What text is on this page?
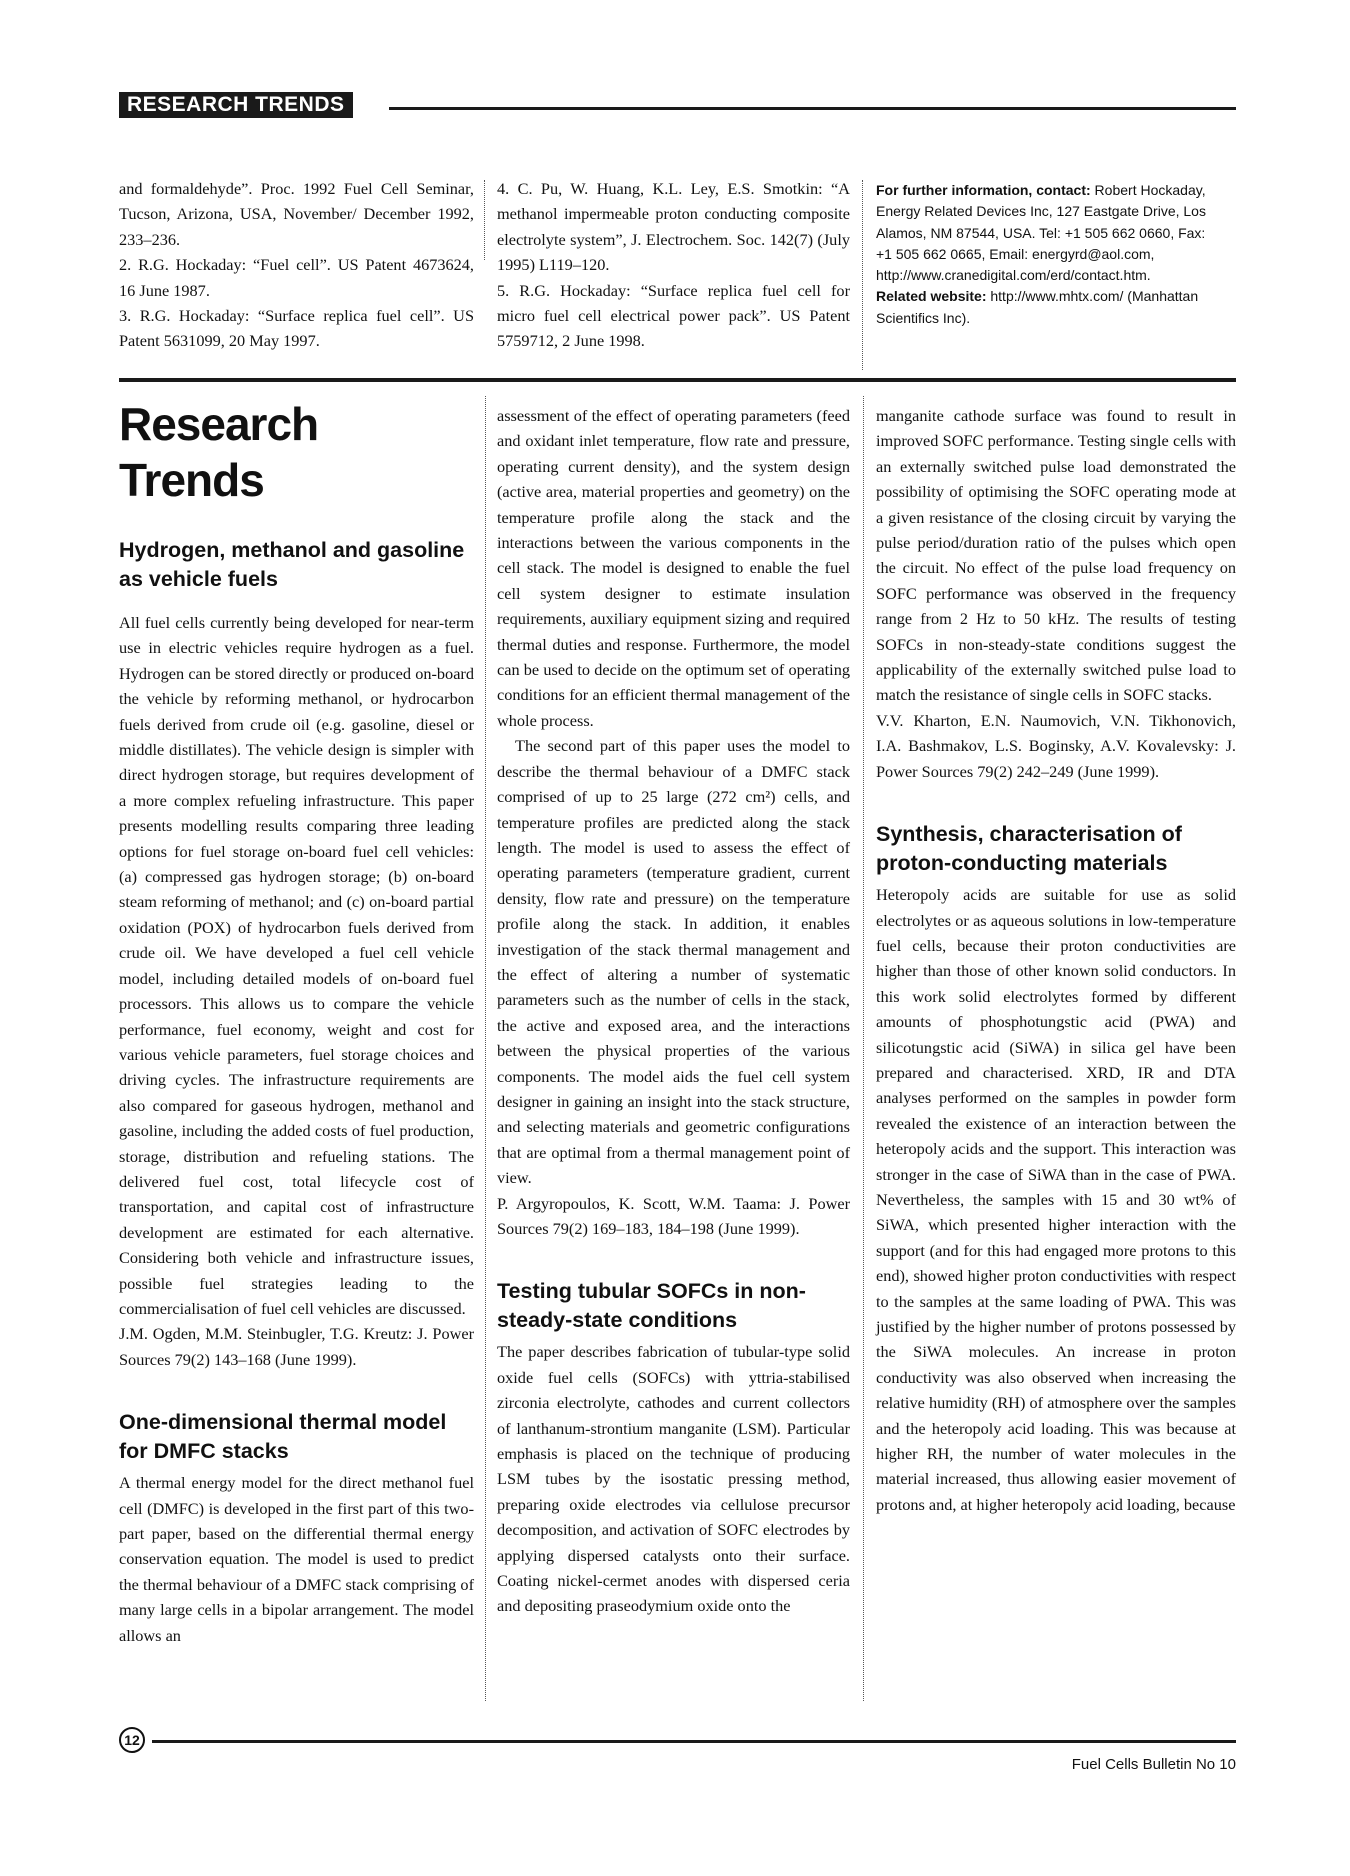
RESEARCH TRENDS

and formaldehyde”. Proc. 1992 Fuel Cell Seminar, Tucson, Arizona, USA, November/ December 1992, 233–236.

2. R.G. Hockaday: “Fuel cell”. US Patent 4673624, 16 June 1987.

3. R.G. Hockaday: “Surface replica fuel cell”. US Patent 5631099, 20 May 1997.

4. C. Pu, W. Huang, K.L. Ley, E.S. Smotkin: “A methanol impermeable proton conducting composite electrolyte system”, J. Electrochem. Soc. 142(7) (July 1995) L119–120.

5. R.G. Hockaday: “Surface replica fuel cell for micro fuel cell electrical power pack”. US Patent 5759712, 2 June 1998.

For further information, contact: Robert Hockaday, Energy Related Devices Inc, 127 Eastgate Drive, Los Alamos, NM 87544, USA. Tel: +1 505 662 0660, Fax: +1 505 662 0665, Email: energyrd@aol.com, http://www.cranedigital.com/erd/contact.htm.

Related website: http://www.mhtx.com/ (Manhattan Scientifics Inc).

Research Trends
Hydrogen, methanol and gasoline as vehicle fuels

All fuel cells currently being developed for near-term use in electric vehicles require hydrogen as a fuel. Hydrogen can be stored directly or produced on-board the vehicle by reforming methanol, or hydrocarbon fuels derived from crude oil (e.g. gasoline, diesel or middle distillates). The vehicle design is simpler with direct hydrogen storage, but requires development of a more complex refueling infrastructure. This paper presents modelling results comparing three leading options for fuel storage on-board fuel cell vehicles: (a) compressed gas hydrogen storage; (b) on-board steam reforming of methanol; and (c) on-board partial oxidation (POX) of hydrocarbon fuels derived from crude oil. We have developed a fuel cell vehicle model, including detailed models of on-board fuel processors. This allows us to compare the vehicle performance, fuel economy, weight and cost for various vehicle parameters, fuel storage choices and driving cycles. The infrastructure requirements are also compared for gaseous hydrogen, methanol and gasoline, including the added costs of fuel production, storage, distribution and refueling stations. The delivered fuel cost, total lifecycle cost of transportation, and capital cost of infrastructure development are estimated for each alternative. Considering both vehicle and infrastructure issues, possible fuel strategies leading to the commercialisation of fuel cell vehicles are discussed.

J.M. Ogden, M.M. Steinbugler, T.G. Kreutz: J. Power Sources 79(2) 143–168 (June 1999).

One-dimensional thermal model for DMFC stacks

A thermal energy model for the direct methanol fuel cell (DMFC) is developed in the first part of this two-part paper, based on the differential thermal energy conservation equation. The model is used to predict the thermal behaviour of a DMFC stack comprising of many large cells in a bipolar arrangement. The model allows an

assessment of the effect of operating parameters (feed and oxidant inlet temperature, flow rate and pressure, operating current density), and the system design (active area, material properties and geometry) on the temperature profile along the stack and the interactions between the various components in the cell stack. The model is designed to enable the fuel cell system designer to estimate insulation requirements, auxiliary equipment sizing and required thermal duties and response. Furthermore, the model can be used to decide on the optimum set of operating conditions for an efficient thermal management of the whole process.

The second part of this paper uses the model to describe the thermal behaviour of a DMFC stack comprised of up to 25 large (272 cm²) cells, and temperature profiles are predicted along the stack length. The model is used to assess the effect of operating parameters (temperature gradient, current density, flow rate and pressure) on the temperature profile along the stack. In addition, it enables investigation of the stack thermal management and the effect of altering a number of systematic parameters such as the number of cells in the stack, the active and exposed area, and the interactions between the physical properties of the various components. The model aids the fuel cell system designer in gaining an insight into the stack structure, and selecting materials and geometric configurations that are optimal from a thermal management point of view.

P. Argyropoulos, K. Scott, W.M. Taama: J. Power Sources 79(2) 169–183, 184–198 (June 1999).

Testing tubular SOFCs in non-steady-state conditions

The paper describes fabrication of tubular-type solid oxide fuel cells (SOFCs) with yttria-stabilised zirconia electrolyte, cathodes and current collectors of lanthanum-strontium manganite (LSM). Particular emphasis is placed on the technique of producing LSM tubes by the isostatic pressing method, preparing oxide electrodes via cellulose precursor decomposition, and activation of SOFC electrodes by applying dispersed catalysts onto their surface. Coating nickel-cermet anodes with dispersed ceria and depositing praseodymium oxide onto the

manganite cathode surface was found to result in improved SOFC performance. Testing single cells with an externally switched pulse load demonstrated the possibility of optimising the SOFC operating mode at a given resistance of the closing circuit by varying the pulse period/duration ratio of the pulses which open the circuit. No effect of the pulse load frequency on SOFC performance was observed in the frequency range from 2 Hz to 50 kHz. The results of testing SOFCs in non-steady-state conditions suggest the applicability of the externally switched pulse load to match the resistance of single cells in SOFC stacks.

V.V. Kharton, E.N. Naumovich, V.N. Tikhonovich, I.A. Bashmakov, L.S. Boginsky, A.V. Kovalevsky: J. Power Sources 79(2) 242–249 (June 1999).

Synthesis, characterisation of proton-conducting materials

Heteropoly acids are suitable for use as solid electrolytes or as aqueous solutions in low-temperature fuel cells, because their proton conductivities are higher than those of other known solid conductors. In this work solid electrolytes formed by different amounts of phosphotungstic acid (PWA) and silicotungstic acid (SiWA) in silica gel have been prepared and characterised. XRD, IR and DTA analyses performed on the samples in powder form revealed the existence of an interaction between the heteropoly acids and the support. This interaction was stronger in the case of SiWA than in the case of PWA. Nevertheless, the samples with 15 and 30 wt% of SiWA, which presented higher interaction with the support (and for this had engaged more protons to this end), showed higher proton conductivities with respect to the samples at the same loading of PWA. This was justified by the higher number of protons possessed by the SiWA molecules. An increase in proton conductivity was also observed when increasing the relative humidity (RH) of atmosphere over the samples and the heteropoly acid loading. This was because at higher RH, the number of water molecules in the material increased, thus allowing easier movement of protons and, at higher heteropoly acid loading, because

12
Fuel Cells Bulletin No 10
